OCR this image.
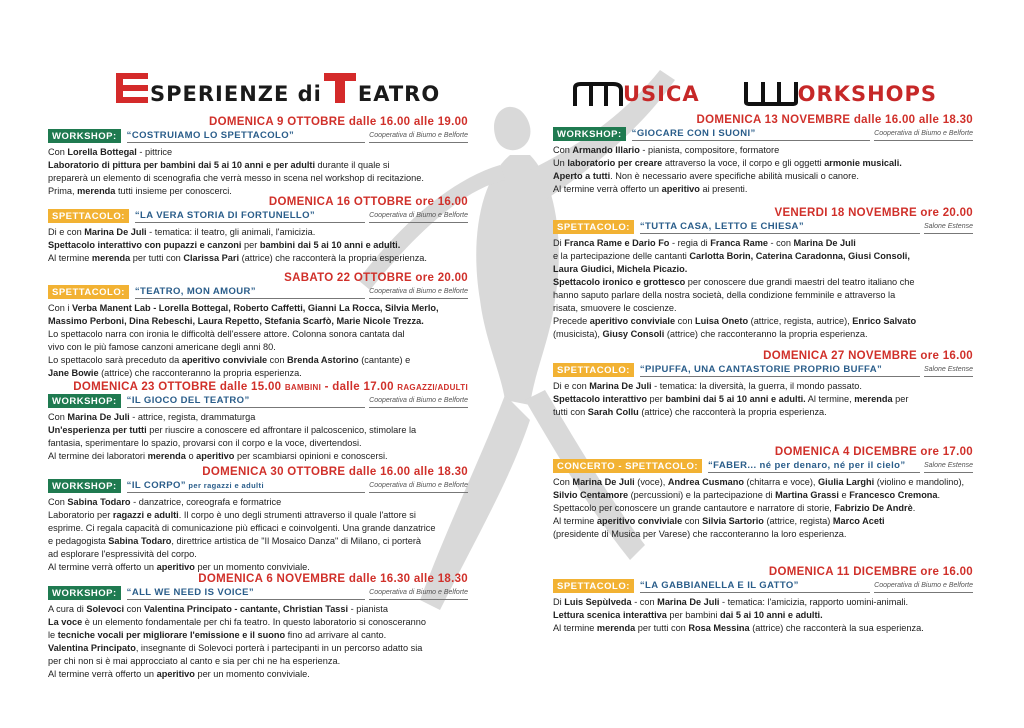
SPERIENZE di EATRO
DOMENICA 9 OTTOBRE dalle 16.00 alle 19.00
WORKSHOP:	“COSTRUIAMO LO SPETTACOLO”	Cooperativa di Biumo e Belforte

Con Lorella Bottegal - pittrice

Laboratorio di pittura per bambini dai 5 ai 10 anni e per adulti durante il quale si

preparerà un elemento di scenografia che verrà messo in scena nel workshop di recitazione.

Prima, merenda tutti insieme per conoscerci.

DOMENICA 16 OTTOBRE ore 16.00
SPETTACOLO:	“LA VERA STORIA DI FORTUNELLO”	Cooperativa di Biumo e Belforte

Di e con Marina De Juli - tematica: il teatro, gli animali, l'amicizia.

Spettacolo interattivo con pupazzi e canzoni per bambini dai 5 ai 10 anni e adulti.

Al termine merenda per tutti con Clarissa Pari (attrice) che racconterà la propria esperienza.

SABATO 22 OTTOBRE ore 20.00
SPETTACOLO:	“TEATRO, MON AMOUR”	Cooperativa di Biumo e Belforte

Con i Verba Manent Lab - Lorella Bottegal, Roberto Caffetti, Gianni La Rocca, Silvia Merlo,

Massimo Perboni, Dina Rebeschi, Laura Repetto, Stefania Scarfò, Marie Nicole Trezza.

Lo spettacolo narra con ironia le difficoltà dell'essere attore. Colonna sonora cantata dal

vivo con le più famose canzoni americane degli anni 80.

Lo spettacolo sarà preceduto da aperitivo conviviale con Brenda Astorino (cantante) e

Jane Bowie (attrice) che racconteranno la propria esperienza.

DOMENICA 23 OTTOBRE dalle 15.00 BAMBINI - dalle 17.00 RAGAZZI/ADULTI
WORKSHOP:	“IL GIOCO DEL TEATRO”	Cooperativa di Biumo e Belforte

Con Marina De Juli - attrice, regista, drammaturga

Un'esperienza per tutti per riuscire a conoscere ed affrontare il palcoscenico, stimolare la

fantasia, sperimentare lo spazio, provarsi con il corpo e la voce, divertendosi.

Al termine dei laboratori merenda o aperitivo per scambiarsi opinioni e conoscersi.

DOMENICA 30 OTTOBRE dalle 16.00 alle 18.30
WORKSHOP:	“IL CORPO” per ragazzi e adulti	Cooperativa di Biumo e Belforte

Con Sabina Todaro - danzatrice, coreografa e formatrice

Laboratorio per ragazzi e adulti. Il corpo è uno degli strumenti attraverso il quale l'attore si

esprime. Ci regala capacità di comunicazione più efficaci e coinvolgenti. Una grande danzatrice

e pedagogista Sabina Todaro, direttrice artistica de "Il Mosaico Danza" di Milano, ci porterà

ad esplorare l'espressività del corpo.

Al termine verrà offerto un aperitivo per un momento conviviale.

DOMENICA 6 NOVEMBRE dalle 16.30 alle 18.30
WORKSHOP:	“ALL WE NEED IS VOICE”	Cooperativa di Biumo e Belforte

A cura di Solevoci con Valentina Principato - cantante, Christian Tassi - pianista

La voce è un elemento fondamentale per chi fa teatro. In questo laboratorio si conosceranno

le tecniche vocali per migliorare l'emissione e il suono fino ad arrivare al canto.

Valentina Principato, insegnante di Solevoci porterà i partecipanti in un percorso adatto sia

per chi non si è mai approcciato al canto e sia per chi ne ha esperienza.

Al termine verrà offerto un aperitivo per un momento conviviale.

USICA	ORKSHOPS
DOMENICA 13 NOVEMBRE dalle 16.00 alle 18.30
WORKSHOP:	“GIOCARE CON I SUONI”	Cooperativa di Biumo e Belforte

Con Armando Illario - pianista, compositore, formatore

Un laboratorio per creare attraverso la voce, il corpo e gli oggetti armonie musicali.

Aperto a tutti. Non è necessario avere specifiche abilità musicali o canore.

Al termine verrà offerto un aperitivo ai presenti.

VENERDI 18 NOVEMBRE ore 20.00
SPETTACOLO:	“TUTTA CASA, LETTO E CHIESA”	Salone Estense

Di Franca Rame e Dario Fo - regia di Franca Rame - con Marina De Juli

e la partecipazione delle cantanti Carlotta Borin, Caterina Caradonna, Giusi Consoli,

Laura Giudici, Michela Picazio.

Spettacolo ironico e grottesco per conoscere due grandi maestri del teatro italiano che

hanno saputo parlare della nostra società, della condizione femminile e attraverso la

risata, smuovere le coscienze.

Precede aperitivo conviviale con Luisa Oneto (attrice, regista, autrice), Enrico Salvato

(musicista), Giusy Consoli (attrice) che racconteranno la propria esperienza.

DOMENICA 27 NOVEMBRE ore 16.00
SPETTACOLO:	“PIPUFFA, UNA CANTASTORIE PROPRIO BUFFA”	Salone Estense

Di e con Marina De Juli - tematica: la diversità, la guerra, il mondo passato.

Spettacolo interattivo per bambini dai 5 ai 10 anni e adulti. Al termine, merenda per

tutti con Sarah Collu (attrice) che racconterà la propria esperienza.

DOMENICA 4 DICEMBRE ore 17.00
CONCERTO - SPETTACOLO:	“FABER... né per denaro, né per il cielo”	Salone Estense

Con Marina De Juli (voce), Andrea Cusmano (chitarra e voce), Giulia Larghi (violino e mandolino),

Silvio Centamore (percussioni) e la partecipazione di Martina Grassi e Francesco Cremona.

Spettacolo per conoscere un grande cantautore e narratore di storie, Fabrizio De Andrè.

Al termine aperitivo conviviale con Silvia Sartorio (attrice, regista) Marco Aceti

(presidente di Musica per Varese) che racconteranno la loro esperienza.

DOMENICA 11 DICEMBRE ore 16.00
SPETTACOLO:	“LA GABBIANELLA E IL GATTO”	Cooperativa di Biumo e Belforte

Di Luis Sepùlveda - con Marina De Juli - tematica: l'amicizia, rapporto uomini-animali.

Lettura scenica interattiva per bambini dai 5 ai 10 anni e adulti.

Al termine merenda per tutti con Rosa Messina (attrice) che racconterà la sua esperienza.
